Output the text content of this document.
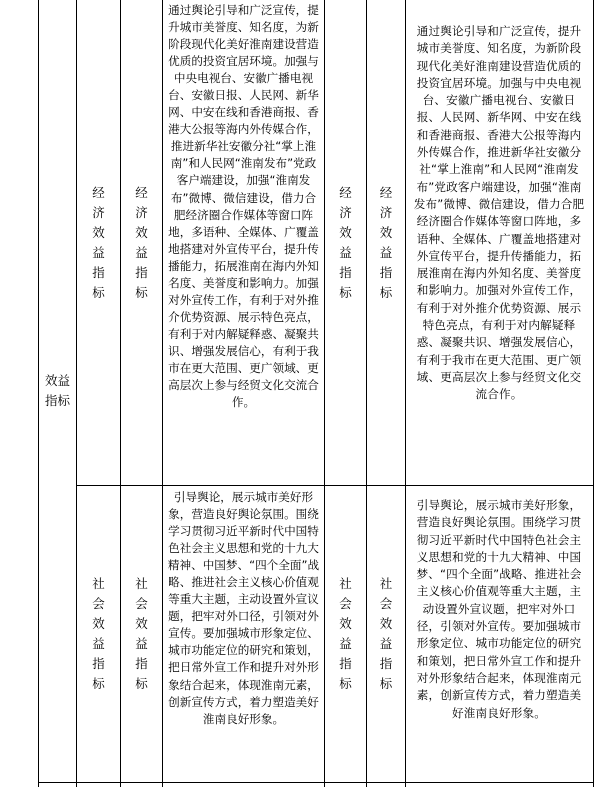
效益指标
经济效益指标
经济效益指标
通过舆论引导和广泛宣传，提升城市美誉度、知名度，为新阶段现代化美好淮南建设营造优质的投资宜居环境。加强与中央电视台、安徽广播电视台、安徽日报、人民网、新华网、中安在线和香港商报、香港大公报等海内外传媒合作，推进新华社安徽分社“掌上淮南”和人民网“淮南发布”党政客户端建设，加强“淮南发布”微博、微信建设，借力合肥经济圈合作媒体等窗口阵地，多语种、全媒体、广覆盖地搭建对外宣传平台，提升传播能力，拓展淮南在海内外知名度、美誉度和影响力。加强对外宣传工作，有利于对外推介优势资源、展示特色亮点，有利于对内解疑释惑、凝聚共识、增强发展信心，有利于我市在更大范围、更广领域、更高层次上参与经贸文化交流合作。
经济效益指标
经济效益指标
通过舆论引导和广泛宣传，提升城市美誉度、知名度，为新阶段现代化美好淮南建设营造优质的投资宜居环境。加强与中央电视台、安徽广播电视台、安徽日报、人民网、新华网、中安在线和香港商报、香港大公报等海内外传媒合作，推进新华社安徽分社“掌上淮南”和人民网“淮南发布”党政客户端建设，加强“淮南发布”微博、微信建设，借力合肥经济圈合作媒体等窗口阵地，多语种、全媒体、广覆盖地搭建对外宣传平台，提升传播能力，拓展淮南在海内外知名度、美誉度和影响力。加强对外宣传工作，有利于对外推介优势资源、展示特色亮点，有利于对内解疑释惑、凝聚共识、增强发展信心，有利于我市在更大范围、更广领域、更高层次上参与经贸文化交流合作。
社会效益指标
社会效益指标
引导舆论，展示城市美好形象，营造良好舆论氛围。围绕学习贯彻习近平新时代中国特色社会主义思想和党的十九大精神、中国梦、“四个全面”战略、推进社会主义核心价值观等重大主题，主动设置外宣议题，把牢对外口径，引领对外宣传。要加强城市形象定位、城市功能定位的研究和策划，把日常外宣工作和提升对外形象结合起来，体现淮南元素，创新宣传方式，着力塑造美好淮南良好形象。
社会效益指标
社会效益指标
引导舆论，展示城市美好形象，营造良好舆论氛围。围绕学习贯彻习近平新时代中国特色社会主义思想和党的十九大精神、中国梦、“四个全面”战略、推进社会主义核心价值观等重大主题，主动设置外宣议题，把牢对外口径，引领对外宣传。要加强城市形象定位、城市功能定位的研究和策划，把日常外宣工作和提升对外形象结合起来，体现淮南元素，创新宣传方式，着力塑造美好淮南良好形象。
